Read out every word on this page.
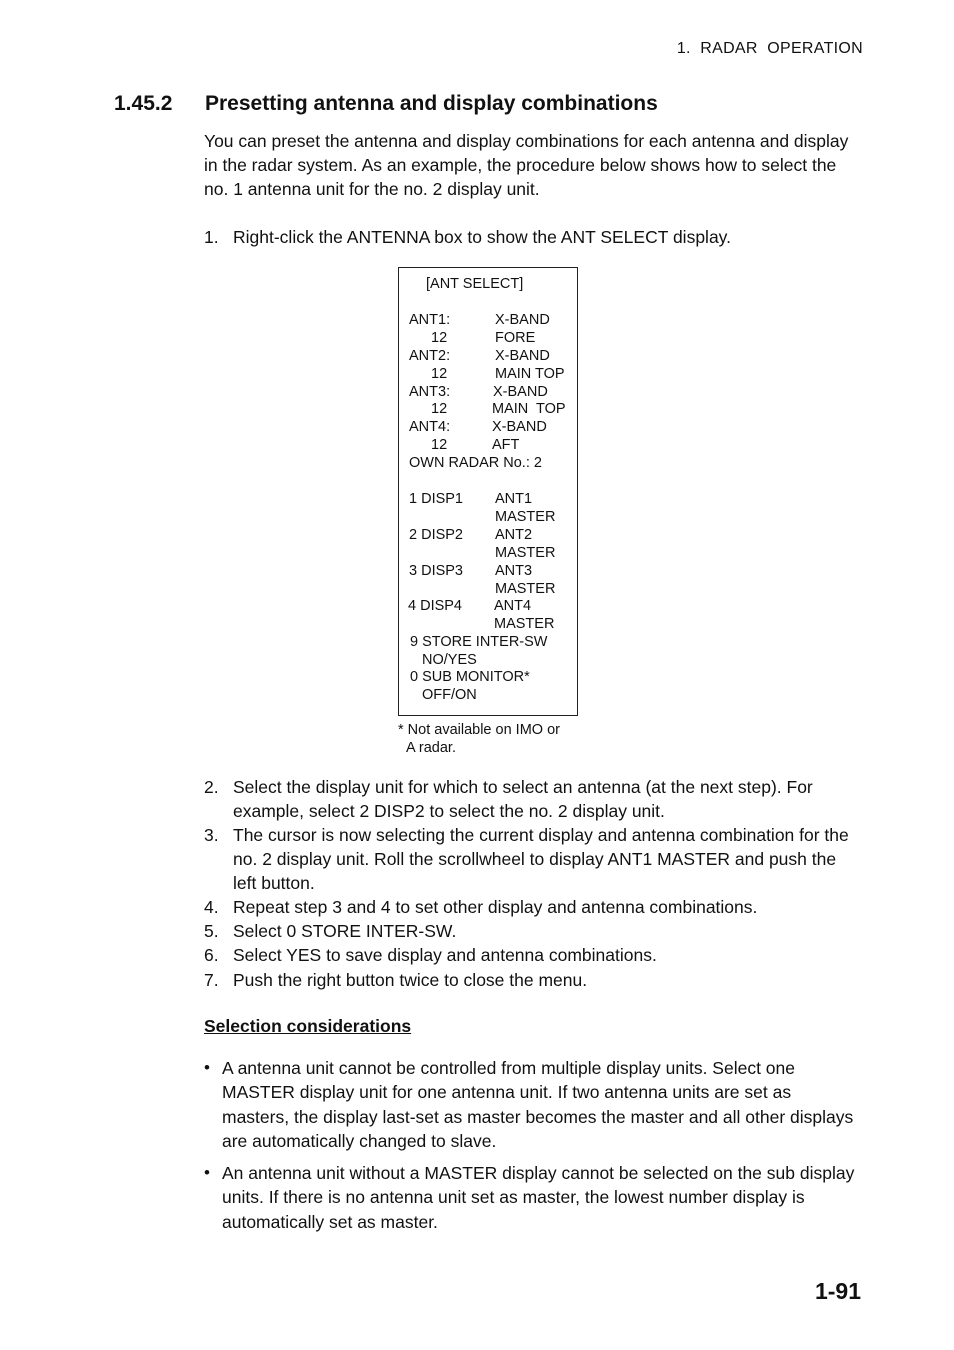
1.  RADAR  OPERATION
1.45.2 Presetting antenna and display combinations
You can preset the antenna and display combinations for each antenna and display in the radar system. As an example, the procedure below shows how to select the no. 1 antenna unit for the no. 2 display unit.
1. Right-click the ANTENNA box to show the ANT SELECT display.
[ANT SELECT]
ANT1:	X-BAND
12	FORE
ANT2:	X-BAND
12	MAIN TOP
ANT3:	X-BAND
12	MAIN  TOP
ANT4:	X-BAND
12	AFT
OWN RADAR No.: 2
1 DISP1 ANT1
MASTER
2 DISP2 ANT2
MASTER
3 DISP3 ANT3
MASTER
4 DISP4 ANT4
MASTER
9 STORE INTER-SW
NO/YES
0 SUB MONITOR*
OFF/ON
* Not available on IMO or
A radar.
2. Select the display unit for which to select an antenna (at the next step). For example, select 2 DISP2 to select the no. 2 display unit.
3. The cursor is now selecting the current display and antenna combination for the no. 2 display unit. Roll the scrollwheel to display ANT1 MASTER and push the left button.
4. Repeat step 3 and 4 to set other display and antenna combinations.
5. Select 0 STORE INTER-SW.
6. Select YES to save display and antenna combinations.
7. Push the right button twice to close the menu.
Selection considerations
• A antenna unit cannot be controlled from multiple display units. Select one MASTER display unit for one antenna unit. If two antenna units are set as masters, the display last-set as master becomes the master and all other displays are automatically changed to slave.
• An antenna unit without a MASTER display cannot be selected on the sub display units. If there is no antenna unit set as master, the lowest number display is automatically set as master.
1-91
